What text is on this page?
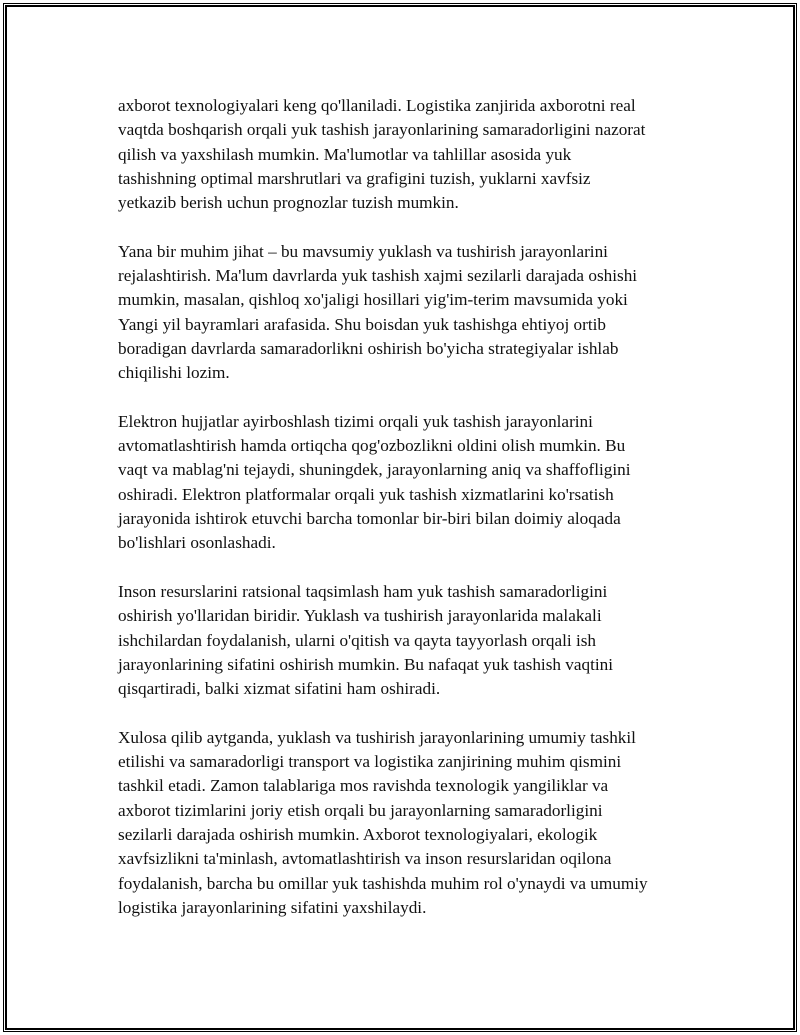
axborot texnologiyalari keng qo'llaniladi. Logistika zanjirida axborotni real
vaqtda boshqarish orqali yuk tashish jarayonlarining samaradorligini nazorat
qilish va yaxshilash mumkin. Ma'lumotlar va tahlillar asosida yuk
tashishning optimal marshrutlari va grafigini tuzish, yuklarni xavfsiz
yetkazib berish uchun prognozlar tuzish mumkin.

Yana bir muhim jihat – bu mavsumiy yuklash va tushirish jarayonlarini
rejalashtirish. Ma'lum davrlarda yuk tashish xajmi sezilarli darajada oshishi
mumkin, masalan, qishloq xo'jaligi hosillari yig'im-terim mavsumida yoki
Yangi yil bayramlari arafasida. Shu boisdan yuk tashishga ehtiyoj ortib
boradigan davrlarda samaradorlikni oshirish bo'yicha strategiyalar ishlab
chiqilishi lozim.

Elektron hujjatlar ayirboshlash tizimi orqali yuk tashish jarayonlarini
avtomatlashtirish hamda ortiqcha qog'ozbozlikni oldini olish mumkin. Bu
vaqt va mablag'ni tejaydi, shuningdek, jarayonlarning aniq va shaffofligini
oshiradi. Elektron platformalar orqali yuk tashish xizmatlarini ko'rsatish
jarayonida ishtirok etuvchi barcha tomonlar bir-biri bilan doimiy aloqada
bo'lishlari osonlashadi.

Inson resurslarini ratsional taqsimlash ham yuk tashish samaradorligini
oshirish yo'llaridan biridir. Yuklash va tushirish jarayonlarida malakali
ishchilardan foydalanish, ularni o'qitish va qayta tayyorlash orqali ish
jarayonlarining sifatini oshirish mumkin. Bu nafaqat yuk tashish vaqtini
qisqartiradi, balki xizmat sifatini ham oshiradi.

Xulosa qilib aytganda, yuklash va tushirish jarayonlarining umumiy tashkil
etilishi va samaradorligi transport va logistika zanjirining muhim qismini
tashkil etadi. Zamon talablariga mos ravishda texnologik yangiliklar va
axborot tizimlarini joriy etish orqali bu jarayonlarning samaradorligini
sezilarli darajada oshirish mumkin. Axborot texnologiyalari, ekologik
xavfsizlikni ta'minlash, avtomatlashtirish va inson resurslaridan oqilona
foydalanish, barcha bu omillar yuk tashishda muhim rol o'ynaydi va umumiy
logistika jarayonlarining sifatini yaxshilaydi.
